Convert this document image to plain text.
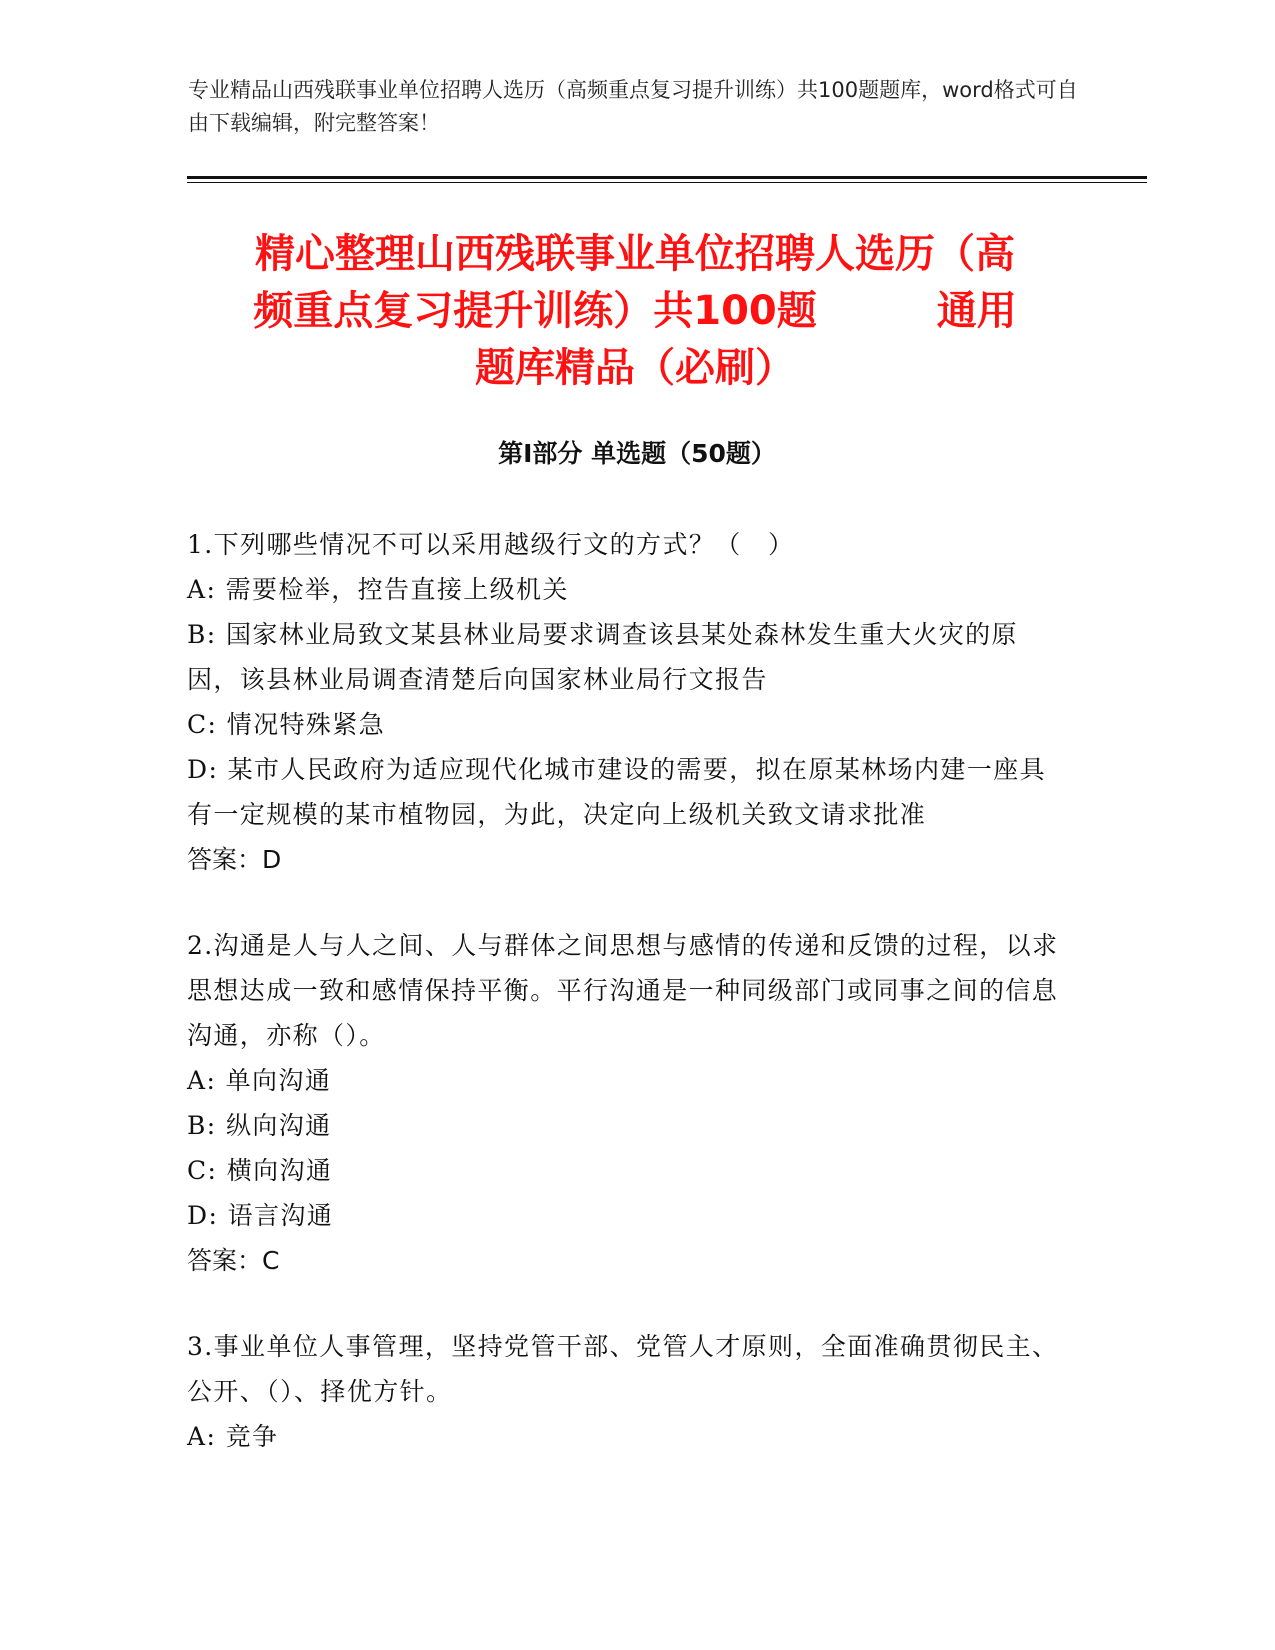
专业精品山西残联事业单位招聘人选历（高频重点复习提升训练）共100题题库，word格式可自由下载编辑，附完整答案！
精心整理山西残联事业单位招聘人选历（高
频重点复习提升训练）共100题　　　通用
题库精品（必刷）
第Ⅰ部分 单选题（50题）
1.下列哪些情况不可以采用越级行文的方式？（　）
A: 需要检举，控告直接上级机关
B: 国家林业局致文某县林业局要求调查该县某处森林发生重大火灾的原因，该县林业局调查清楚后向国家林业局行文报告
C: 情况特殊紧急
D: 某市人民政府为适应现代化城市建设的需要，拟在原某林场内建一座具有一定规模的某市植物园，为此，决定向上级机关致文请求批准
答案：D
2.沟通是人与人之间、人与群体之间思想与感情的传递和反馈的过程，以求思想达成一致和感情保持平衡。平行沟通是一种同级部门或同事之间的信息沟通，亦称（）。
A: 单向沟通
B: 纵向沟通
C: 横向沟通
D: 语言沟通
答案：C
3.事业单位人事管理，坚持党管干部、党管人才原则，全面准确贯彻民主、公开、（）、择优方针。
A: 竞争
